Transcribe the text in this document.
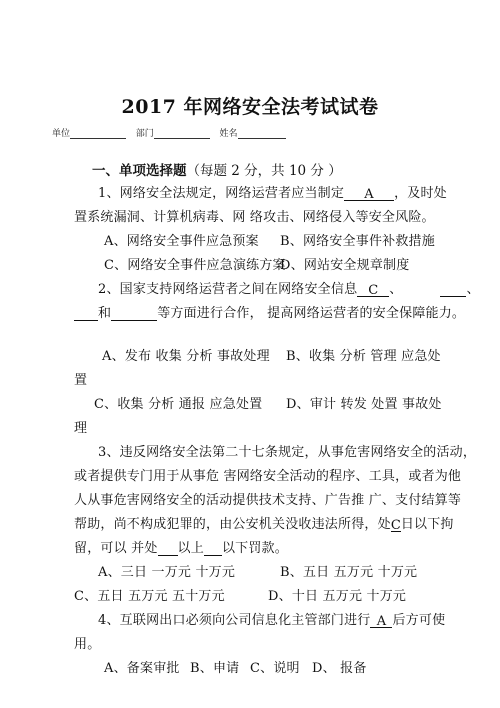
2017 年网络安全法考试试卷
单位	部门	姓名
一、单项选择题（每题 2 分，共 10 分 ）
1、网络安全法规定，网络运营者应当制定 A ，及时处
置系统漏洞、计算机病毒、网 络攻击、网络侵入等安全风险。
A、网络安全事件应急预案 B、网络安全事件补救措施
C、网络安全事件应急演练方案
D、网站安全规章制度
2、国家支持网络运营者之间在网络安全信息 C 、	、
和	等方面进行合作， 提高网络运营者的安全保障能力。
A、发布 收集 分析 事故处理 B、收集 分析 管理 应急处
置
C、收集 分析 通报 应急处置 D、审计 转发 处置 事故处
理
3、违反网络安全法第二十七条规定，从事危害网络安全的活动，
或者提供专门用于从事危 害网络安全活动的程序、工具，或者为他
人从事危害网络安全的活动提供技术支持、广告推 广、支付结算等
帮助，尚不构成犯罪的，由公安机关没收违法所得，处C日以下拘
留，可以 并处 以上 以下罚款。
A、三日 一万元 十万元	B、五日 五万元 十万元
C、五日 五万元 五十万元	D、十日 五万元 十万元
4、互联网出口必须向公司信息化主管部门进行 A 后方可使
用。
A、备案审批 B、申请 C、说明 D、 报备
